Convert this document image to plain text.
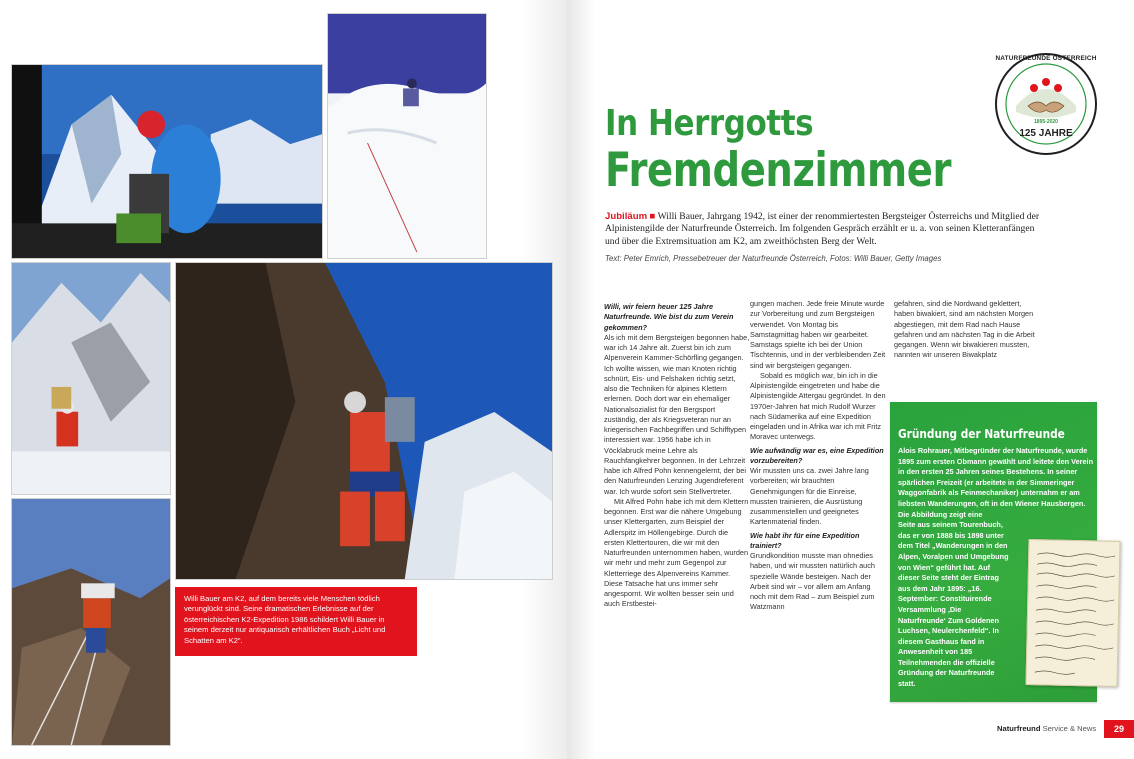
Willi Bauer am K2, auf dem bereits viele Menschen tödlich verunglückt sind. Seine dramatischen Erlebnisse auf der österreichischen K2-Expedition 1986 schildert Willi Bauer in seinem derzeit nur antiquarisch erhältlichen Buch „Licht und Schatten am K2“.
NATURFREUNDE ÖSTERREICH
1895-2020
125 JAHRE
In Herrgotts
Fremdenzimmer
Jubiläum ■ Willi Bauer, Jahrgang 1942, ist einer der renommiertesten Bergsteiger Österreichs und Mitglied der Alpinistengilde der Naturfreunde Österreich. Im folgenden Gespräch erzählt er u. a. von seinen Kletteranfängen und über die Extremsituation am K2, am zweithöchsten Berg der Welt.
Text: Peter Emrich, Pressebetreuer der Naturfreunde Österreich, Fotos: Willi Bauer, Getty Images

Willi, wir feiern heuer 125 Jahre Naturfreunde. Wie bist du zum Verein gekommen?

Als ich mit dem Bergsteigen begonnen habe, war ich 14 Jahre alt. Zuerst bin ich zum Alpenverein Kammer-Schörfling gegangen. Ich wollte wissen, wie man Knoten richtig schnürt, Eis- und Felshaken richtig setzt, also die Techniken für alpines Klettern erlernen. Doch dort war ein ehemaliger Nationalsozialist für den Bergsport zuständig, der als Kriegsveteran nur an kriegerischen Fachbegriffen und Schifftypen interessiert war. 1956 habe ich in Vöcklabruck meine Lehre als Rauchfangkehrer begonnen. In der Lehrzeit habe ich Alfred Pohn kennengelernt, der bei den Naturfreunden Lenzing Jugendreferent war. Ich wurde sofort sein Stellvertreter.

Mit Alfred Pohn habe ich mit dem Klettern begonnen. Erst war die nähere Umgebung unser Klettergarten, zum Beispiel der Adlerspitz im Höllengebirge. Durch die ersten Klettertouren, die wir mit den Naturfreunden unternommen haben, wurden wir mehr und mehr zum Gegenpol zur Kletterriege des Alpenvereins Kammer. Diese Tatsache hat uns immer sehr angespornt. Wir wollten besser sein und auch Erstbestei-

gungen machen. Jede freie Minute wurde zur Vorbereitung und zum Bergsteigen verwendet. Von Montag bis Samstagmittag haben wir gearbeitet. Samstags spielte ich bei der Union Tischtennis, und in der verbleibenden Zeit sind wir bergsteigen gegangen.

Sobald es möglich war, bin ich in die Alpinistengilde eingetreten und habe die Alpinistengilde Attergau gegründet. In den 1970er-Jahren hat mich Rudolf Wurzer nach Südamerika auf eine Expedition eingeladen und in Afrika war ich mit Fritz Moravec unterwegs.

Wie aufwändig war es, eine Expedition vorzubereiten?

Wir mussten uns ca. zwei Jahre lang vorbereiten; wir brauchten Genehmigungen für die Einreise, mussten trainieren, die Ausrüstung zusammenstellen und geeignetes Kartenmaterial finden.

Wie habt ihr für eine Expedition trainiert?

Grundkondition musste man ohnedies haben, und wir mussten natürlich auch spezielle Wände besteigen. Nach der Arbeit sind wir – vor allem am Anfang noch mit dem Rad – zum Beispiel zum Watzmann

gefahren, sind die Nordwand geklettert, haben biwakiert, sind am nächsten Morgen abgestiegen, mit dem Rad nach Hause gefahren und am nächsten Tag in die Arbeit gegangen. Wenn wir biwakieren mussten, nannten wir unseren Biwakplatz

Gründung der Naturfreunde
Alois Rohrauer, Mitbegründer der Naturfreunde, wurde 1895 zum ersten Obmann gewählt und leitete den Verein in den ersten 25 Jahren seines Bestehens. In seiner spärlichen Freizeit (er arbeitete in der Simmeringer Waggonfabrik als Feinmechaniker) unternahm er am liebsten Wanderungen, oft in den Wiener Hausbergen. Die Abbildung zeigt eine
Seite aus seinem Tourenbuch, das er von 1888 bis 1898 unter dem Titel „Wanderungen in den Alpen, Voralpen und Umgebung von Wien“ geführt hat. Auf dieser Seite steht der Eintrag aus dem Jahr 1895: „16. September: Constituirende Versammlung ‚Die Naturfreunde‘ Zum Goldenen Luchsen, Neulerchenfeld“. In diesem Gasthaus fand in Anwesenheit von 185 Teilnehmenden die offizielle Gründung der Naturfreunde statt.
Naturfreund Service & News	29
